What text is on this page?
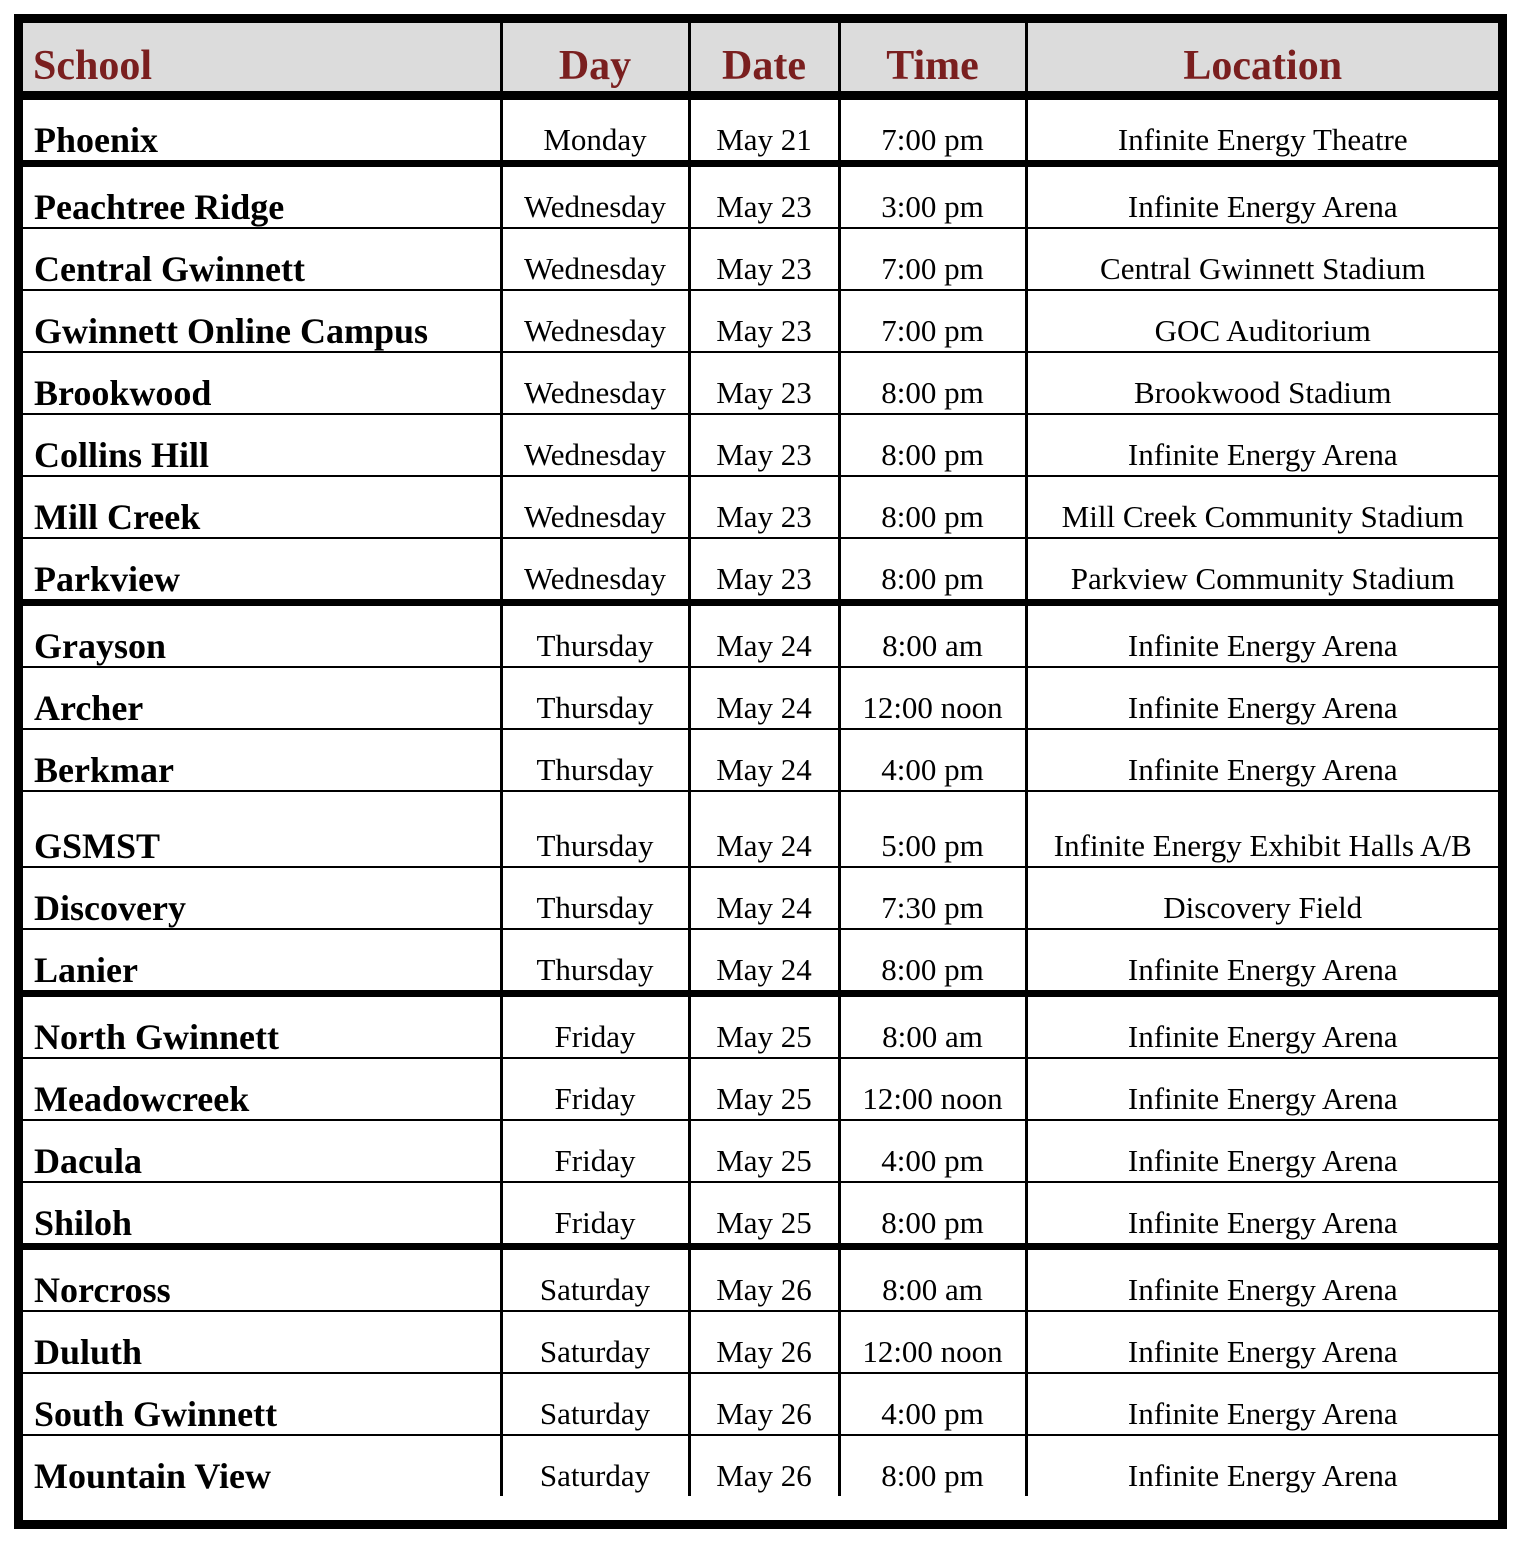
School	Day	Date	Time	Location
Phoenix	Monday	May 21	7:00 pm	Infinite Energy Theatre
Peachtree Ridge	Wednesday	May 23	3:00 pm	Infinite Energy Arena
Central Gwinnett	Wednesday	May 23	7:00 pm	Central Gwinnett Stadium
Gwinnett Online Campus	Wednesday	May 23	7:00 pm	GOC Auditorium
Brookwood	Wednesday	May 23	8:00 pm	Brookwood Stadium
Collins Hill	Wednesday	May 23	8:00 pm	Infinite Energy Arena
Mill Creek	Wednesday	May 23	8:00 pm	Mill Creek Community Stadium
Parkview	Wednesday	May 23	8:00 pm	Parkview Community Stadium
Grayson	Thursday	May 24	8:00 am	Infinite Energy Arena
Archer	Thursday	May 24	12:00 noon	Infinite Energy Arena
Berkmar	Thursday	May 24	4:00 pm	Infinite Energy Arena
GSMST	Thursday	May 24	5:00 pm	Infinite Energy Exhibit Halls A/B
Discovery	Thursday	May 24	7:30 pm	Discovery Field
Lanier	Thursday	May 24	8:00 pm	Infinite Energy Arena
North Gwinnett	Friday	May 25	8:00 am	Infinite Energy Arena
Meadowcreek	Friday	May 25	12:00 noon	Infinite Energy Arena
Dacula	Friday	May 25	4:00 pm	Infinite Energy Arena
Shiloh	Friday	May 25	8:00 pm	Infinite Energy Arena
Norcross	Saturday	May 26	8:00 am	Infinite Energy Arena
Duluth	Saturday	May 26	12:00 noon	Infinite Energy Arena
South Gwinnett	Saturday	May 26	4:00 pm	Infinite Energy Arena
Mountain View	Saturday	May 26	8:00 pm	Infinite Energy Arena
